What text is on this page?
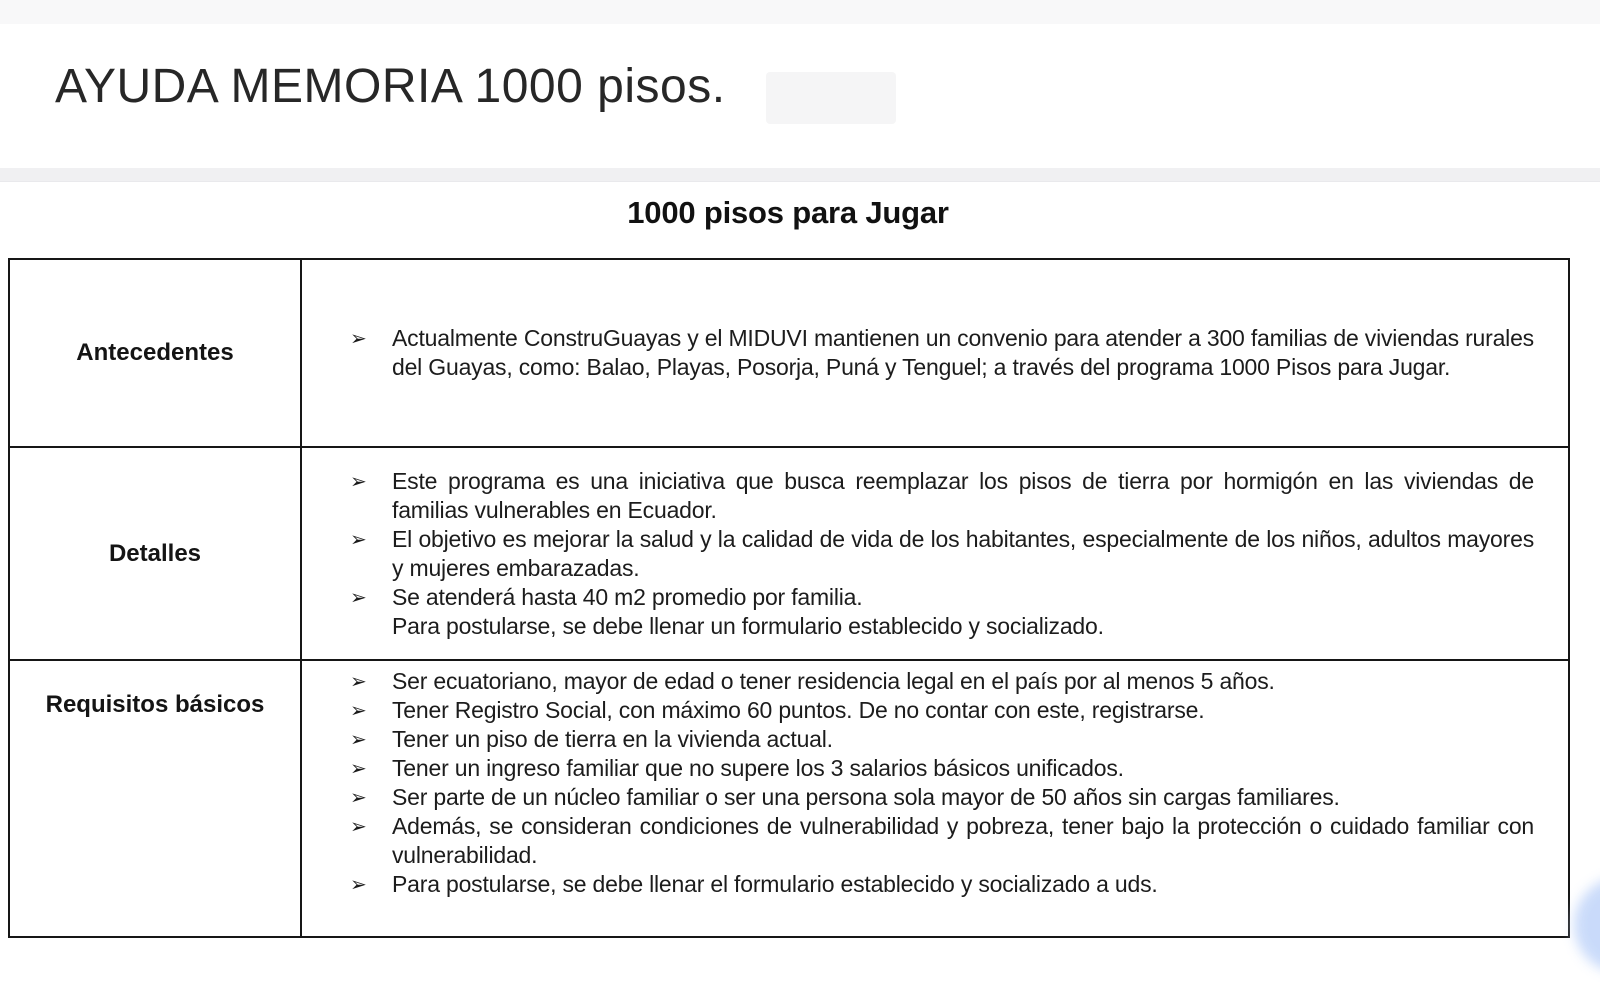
AYUDA MEMORIA 1000 pisos.
1000 pisos para Jugar
Antecedentes
➢	Actualmente ConstruGuayas y el MIDUVI mantienen un convenio para atender a 300 familias de viviendas rurales del Guayas, como: Balao, Playas, Posorja, Puná y Tenguel; a través del programa 1000 Pisos para Jugar.
Detalles
➢	Este programa es una iniciativa que busca reemplazar los pisos de tierra por hormigón en las viviendas de familias vulnerables en Ecuador.
➢	El objetivo es mejorar la salud y la calidad de vida de los habitantes, especialmente de los niños, adultos mayores y mujeres embarazadas.
➢	Se atenderá hasta 40 m2 promedio por familia.
Para postularse, se debe llenar un formulario establecido y socializado.
Requisitos básicos
➢	Ser ecuatoriano, mayor de edad o tener residencia legal en el país por al menos 5 años.
➢	Tener Registro Social, con máximo 60 puntos. De no contar con este, registrarse.
➢	Tener un piso de tierra en la vivienda actual.
➢	Tener un ingreso familiar que no supere los 3 salarios básicos unificados.
➢	Ser parte de un núcleo familiar o ser una persona sola mayor de 50 años sin cargas familiares.
➢	Además, se consideran condiciones de vulnerabilidad y pobreza, tener bajo la protección o cuidado familiar con vulnerabilidad.
➢	Para postularse, se debe llenar el formulario establecido y socializado a uds.
